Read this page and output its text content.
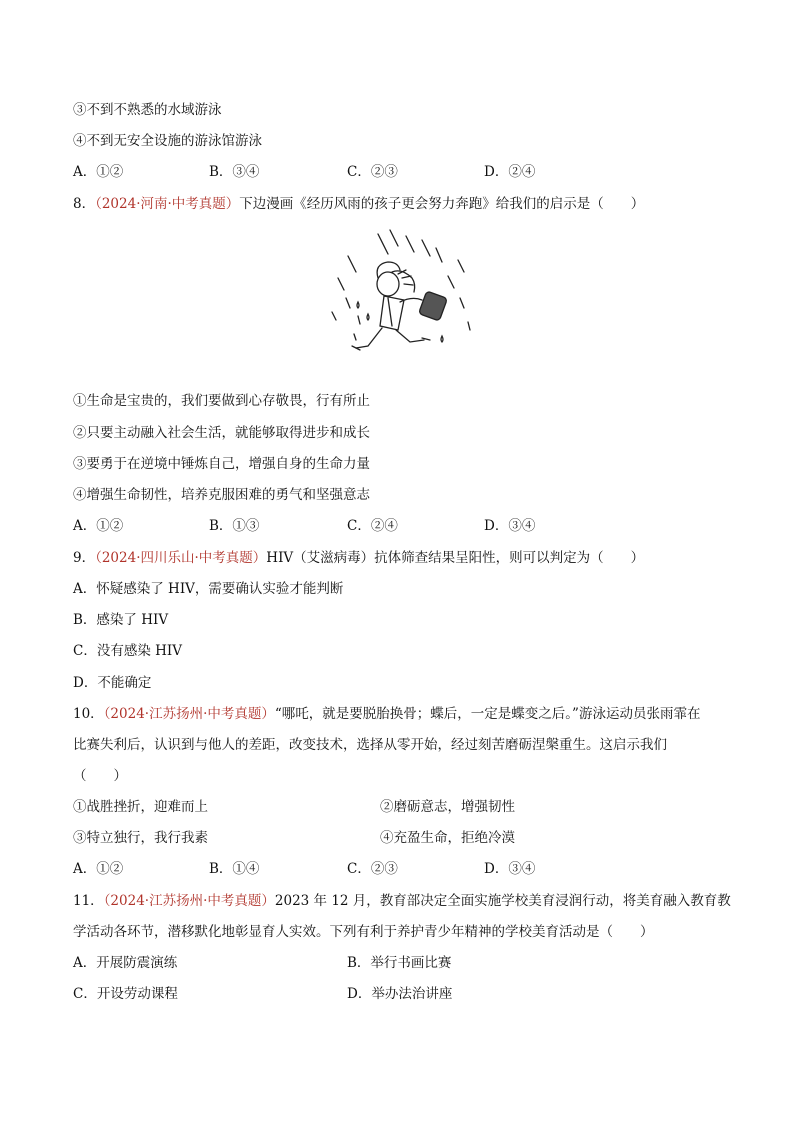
③不到不熟悉的水域游泳
④不到无安全设施的游泳馆游泳
A．①②	B．③④	C．②③	D．②④
8．（2024·河南·中考真题）下边漫画《经历风雨的孩子更会努力奔跑》给我们的启示是（　　）
①生命是宝贵的，我们要做到心存敬畏，行有所止
②只要主动融入社会生活，就能够取得进步和成长
③要勇于在逆境中锤炼自己，增强自身的生命力量
④增强生命韧性，培养克服困难的勇气和坚强意志
A．①②	B．①③	C．②④	D．③④
9．（2024·四川乐山·中考真题）HIV（艾滋病毒）抗体筛查结果呈阳性，则可以判定为（　　）
A．怀疑感染了 HIV，需要确认实验才能判断
B．感染了 HIV
C．没有感染 HIV
D．不能确定
10．（2024·江苏扬州·中考真题）“哪吒，就是要脱胎换骨；蝶后，一定是蝶变之后。”游泳运动员张雨霏在
比赛失利后，认识到与他人的差距，改变技术，选择从零开始，经过刻苦磨砺涅槃重生。这启示我们
（　　）
①战胜挫折，迎难而上	②磨砺意志，增强韧性
③特立独行，我行我素	④充盈生命，拒绝冷漠
A．①②	B．①④	C．②③	D．③④
11．（2024·江苏扬州·中考真题）2023 年 12 月，教育部决定全面实施学校美育浸润行动，将美育融入教育教
学活动各环节，潜移默化地彰显育人实效。下列有利于养护青少年精神的学校美育活动是（　　）
A．开展防震演练	B．举行书画比赛
C．开设劳动课程	D．举办法治讲座
